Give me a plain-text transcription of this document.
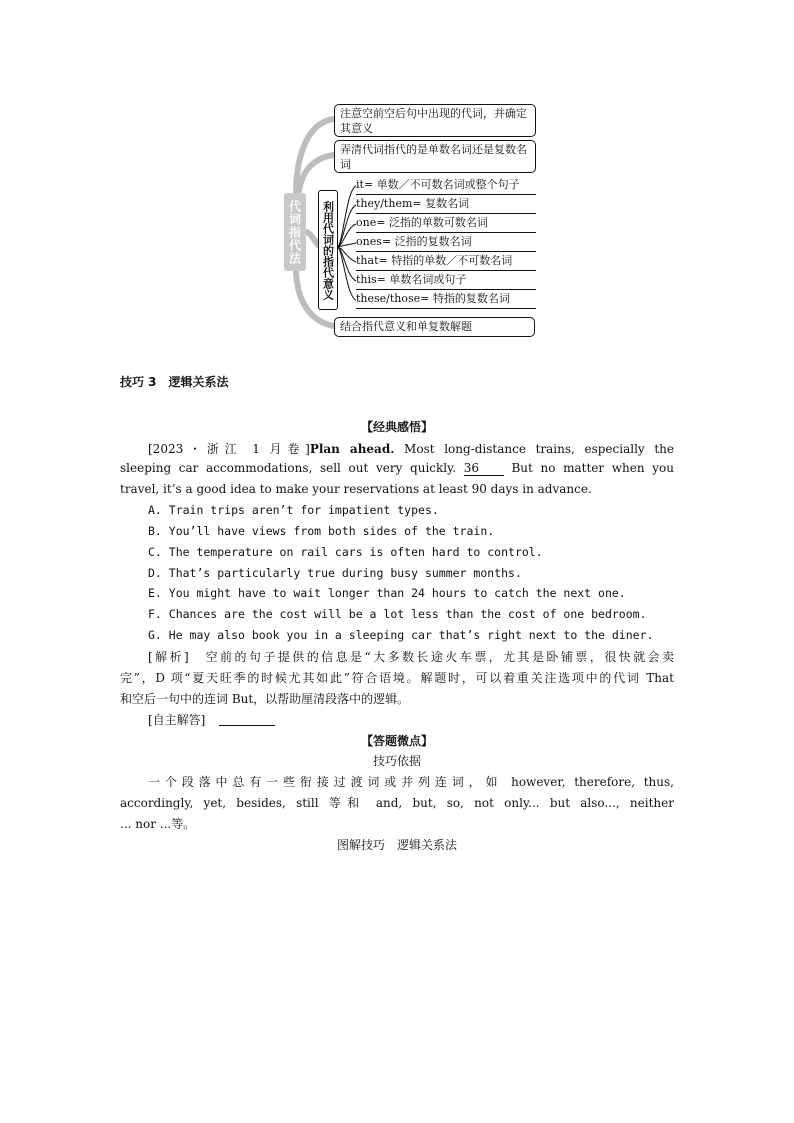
代词指代法
注意空前空后句中出现的代词，并确定其意义
弄清代词指代的是单数名词还是复数名词
利用代词的指代意义
it= 单数／不可数名词或整个句子
they/them= 复数名词
one= 泛指的单数可数名词
ones= 泛指的复数名词
that= 特指的单数／不可数名词
this= 单数名词或句子
these/those= 特指的复数名词
结合指代意义和单复数解题
技巧 3　逻辑关系法
【经典感悟】
[2023・浙江 1 月卷]Plan ahead. Most long-distance trains, especially the
sleeping car accommodations, sell out very quickly. 36 But no matter when you
travel, it’s a good idea to make your reservations at least 90 days in advance.
A. Train trips aren’t for impatient types.
B. You’ll have views from both sides of the train.
C. The temperature on rail cars is often hard to control.
D. That’s particularly true during busy summer months.
E. You might have to wait longer than 24 hours to catch the next one.
F. Chances are the cost will be a lot less than the cost of one bedroom.
G. He may also book you in a sleeping car that’s right next to the diner.
[解析]　空前的句子提供的信息是“大多数长途火车票，尤其是卧铺票，很快就会卖
完”，D 项“夏天旺季的时候尤其如此”符合语境。解题时，可以着重关注选项中的代词 That
和空后一句中的连词 But，以帮助厘清段落中的逻辑。
[自主解答]
【答题微点】
技巧依据
一个段落中总有一些衔接过渡词或并列连词，如 however, therefore, thus,
accordingly, yet, besides, still 等和 and, but, so, not only... but also..., neither
... nor ...等。
图解技巧　逻辑关系法
